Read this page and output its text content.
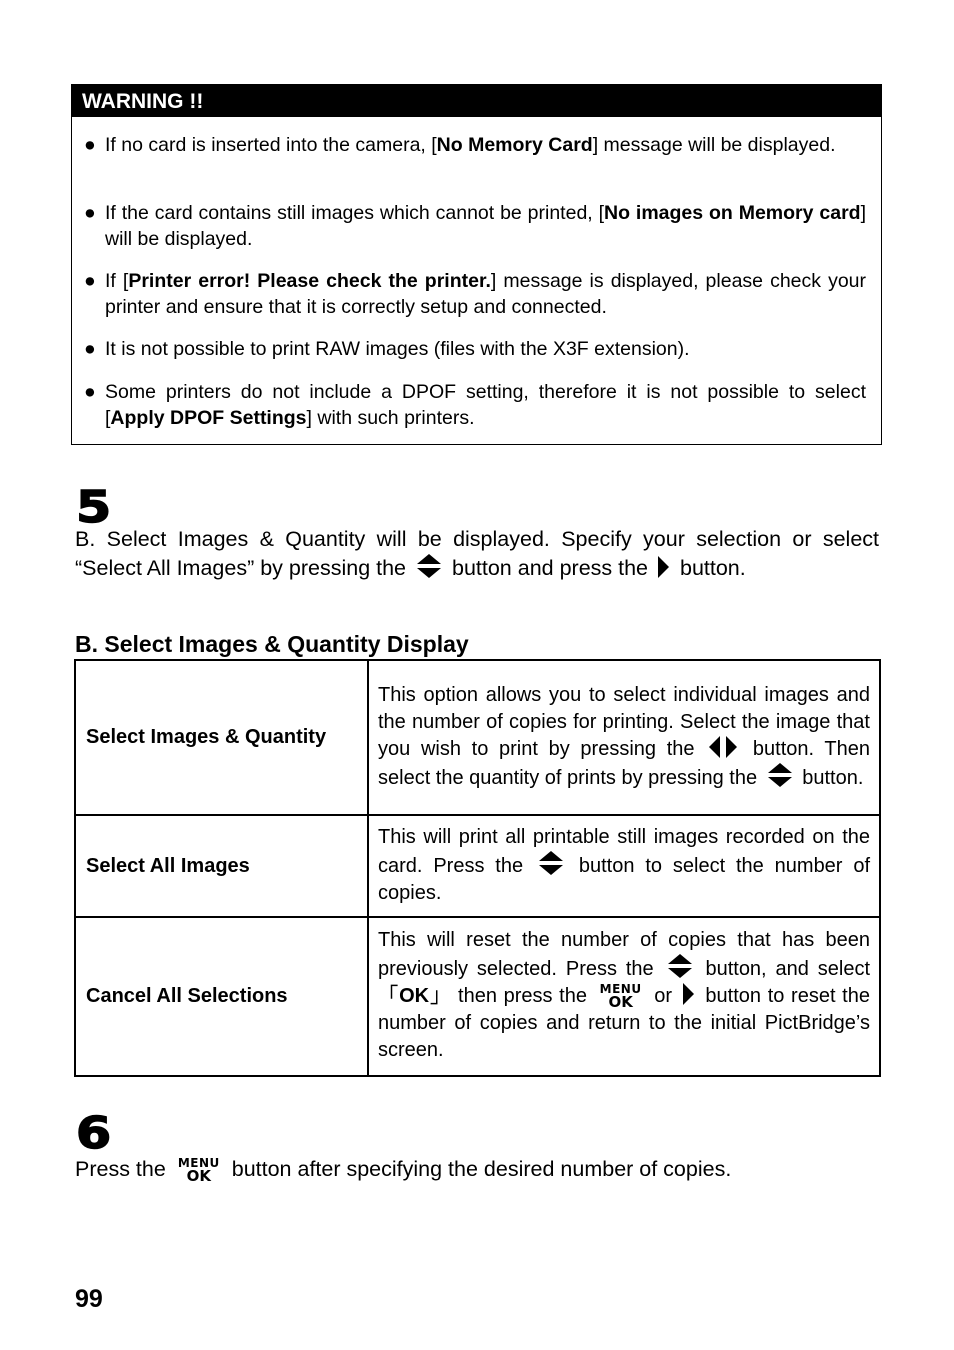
WARNING !!
● If no card is inserted into the camera, [No Memory Card] message will be displayed.
● If the card contains still images which cannot be printed, [No images on Memory card] will be displayed.
● If [Printer error! Please check the printer.] message is displayed, please check your printer and ensure that it is correctly setup and connected.
● It is not possible to print RAW images (files with the X3F extension).
● Some printers do not include a DPOF setting, therefore it is not possible to select [Apply DPOF Settings] with such printers.
5

B. Select Images & Quantity will be displayed. Specify your selection or select “Select All Images” by pressing the button and press the button.

B. Select Images & Quantity Display
Select Images & Quantity	This option allows you to select individual images and the number of copies for printing. Select the image that you wish to print by pressing the button. Then select the quantity of prints by pressing the button.
Select All Images	This will print all printable still images recorded on the card. Press the button to select the number of copies.
Cancel All Selections	This will reset the number of copies that has been previously selected. Press the button, and select 「OK」 then press the MENU
OK or button to reset the number of copies and return to the initial PictBridge’s screen.
6

Press the MENU
OK button after specifying the desired number of copies.

99
